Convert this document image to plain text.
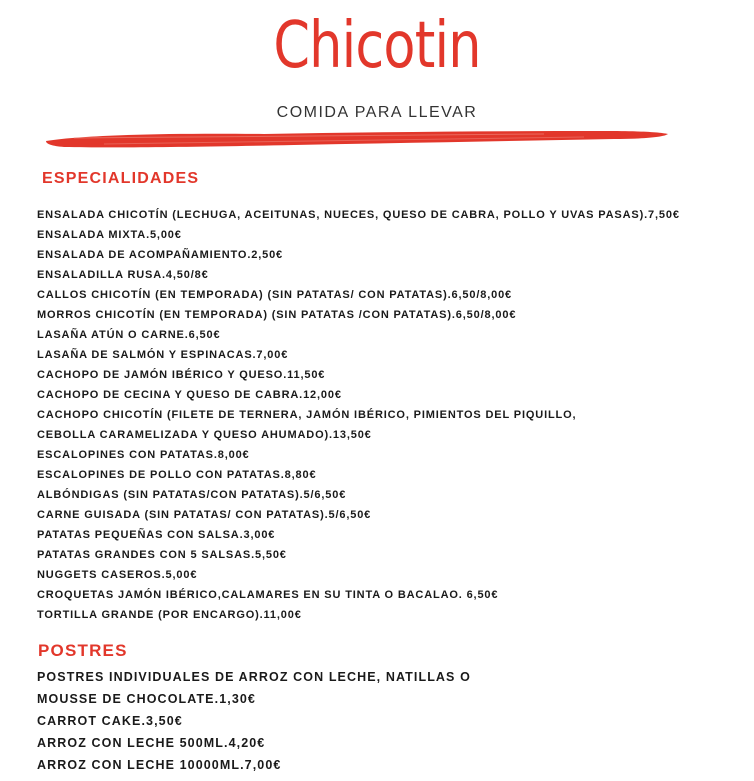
Chicotin
COMIDA PARA LLEVAR
ESPECIALIDADES
ENSALADA CHICOTÍN (LECHUGA, ACEITUNAS, NUECES, QUESO DE CABRA, POLLO Y UVAS PASAS).7,50€
ENSALADA MIXTA.5,00€
ENSALADA DE ACOMPAÑAMIENTO.2,50€
ENSALADILLA RUSA.4,50/8€
CALLOS CHICOTÍN (EN TEMPORADA) (SIN PATATAS/ CON PATATAS).6,50/8,00€
MORROS CHICOTÍN (EN TEMPORADA) (SIN PATATAS /CON PATATAS).6,50/8,00€
LASAÑA ATÚN O CARNE.6,50€
LASAÑA DE SALMÓN Y ESPINACAS.7,00€
CACHOPO DE JAMÓN IBÉRICO Y QUESO.11,50€
CACHOPO DE CECINA Y QUESO DE CABRA.12,00€
CACHOPO CHICOTÍN (FILETE DE TERNERA, JAMÓN IBÉRICO, PIMIENTOS DEL PIQUILLO,
CEBOLLA CARAMELIZADA Y QUESO AHUMADO).13,50€
ESCALOPINES CON PATATAS.8,00€
ESCALOPINES DE POLLO CON PATATAS.8,80€
ALBÓNDIGAS (SIN PATATAS/CON PATATAS).5/6,50€
CARNE GUISADA (SIN PATATAS/ CON PATATAS).5/6,50€
PATATAS PEQUEÑAS CON SALSA.3,00€
PATATAS GRANDES CON 5 SALSAS.5,50€
NUGGETS CASEROS.5,00€
CROQUETAS JAMÓN IBÉRICO,CALAMARES EN SU TINTA O BACALAO. 6,50€
TORTILLA GRANDE (POR ENCARGO).11,00€
POSTRES
POSTRES INDIVIDUALES DE ARROZ CON LECHE, NATILLAS O
MOUSSE DE CHOCOLATE.1,30€
CARROT CAKE.3,50€
ARROZ CON LECHE 500ML.4,20€
ARROZ CON LECHE 10000ML.7,00€
